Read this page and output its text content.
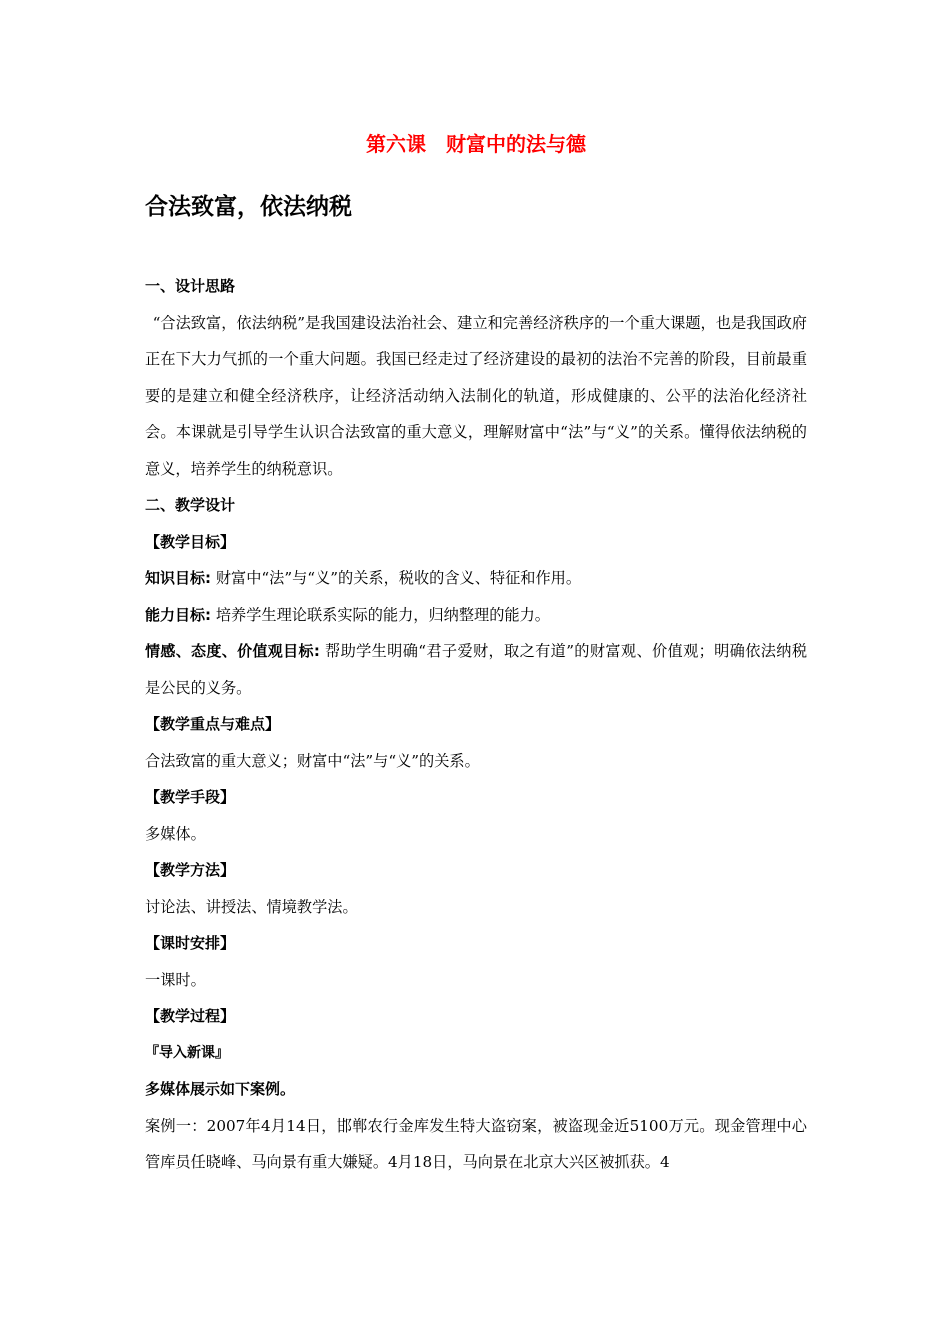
第六课　财富中的法与德
合法致富，依法纳税

一、设计思路

“合法致富，依法纳税”是我国建设法治社会、建立和完善经济秩序的一个重大课题，也是我国政府正在下大力气抓的一个重大问题。我国已经走过了经济建设的最初的法治不完善的阶段，目前最重要的是建立和健全经济秩序，让经济活动纳入法制化的轨道，形成健康的、公平的法治化经济社会。本课就是引导学生认识合法致富的重大意义，理解财富中“法”与“义”的关系。懂得依法纳税的意义，培养学生的纳税意识。

二、教学设计

【教学目标】

知识目标: 财富中“法”与“义”的关系，税收的含义、特征和作用。

能力目标: 培养学生理论联系实际的能力，归纳整理的能力。

情感、态度、价值观目标: 帮助学生明确“君子爱财，取之有道”的财富观、价值观；明确依法纳税是公民的义务。

【教学重点与难点】

合法致富的重大意义；财富中“法”与“义”的关系。

【教学手段】

多媒体。

【教学方法】

讨论法、讲授法、情境教学法。

【课时安排】

一课时。

【教学过程】

『导入新课』

多媒体展示如下案例。

案例一：2007年4月14日，邯郸农行金库发生特大盗窃案，被盗现金近5100万元。现金管理中心管库员任晓峰、马向景有重大嫌疑。4月18日，马向景在北京大兴区被抓获。4
